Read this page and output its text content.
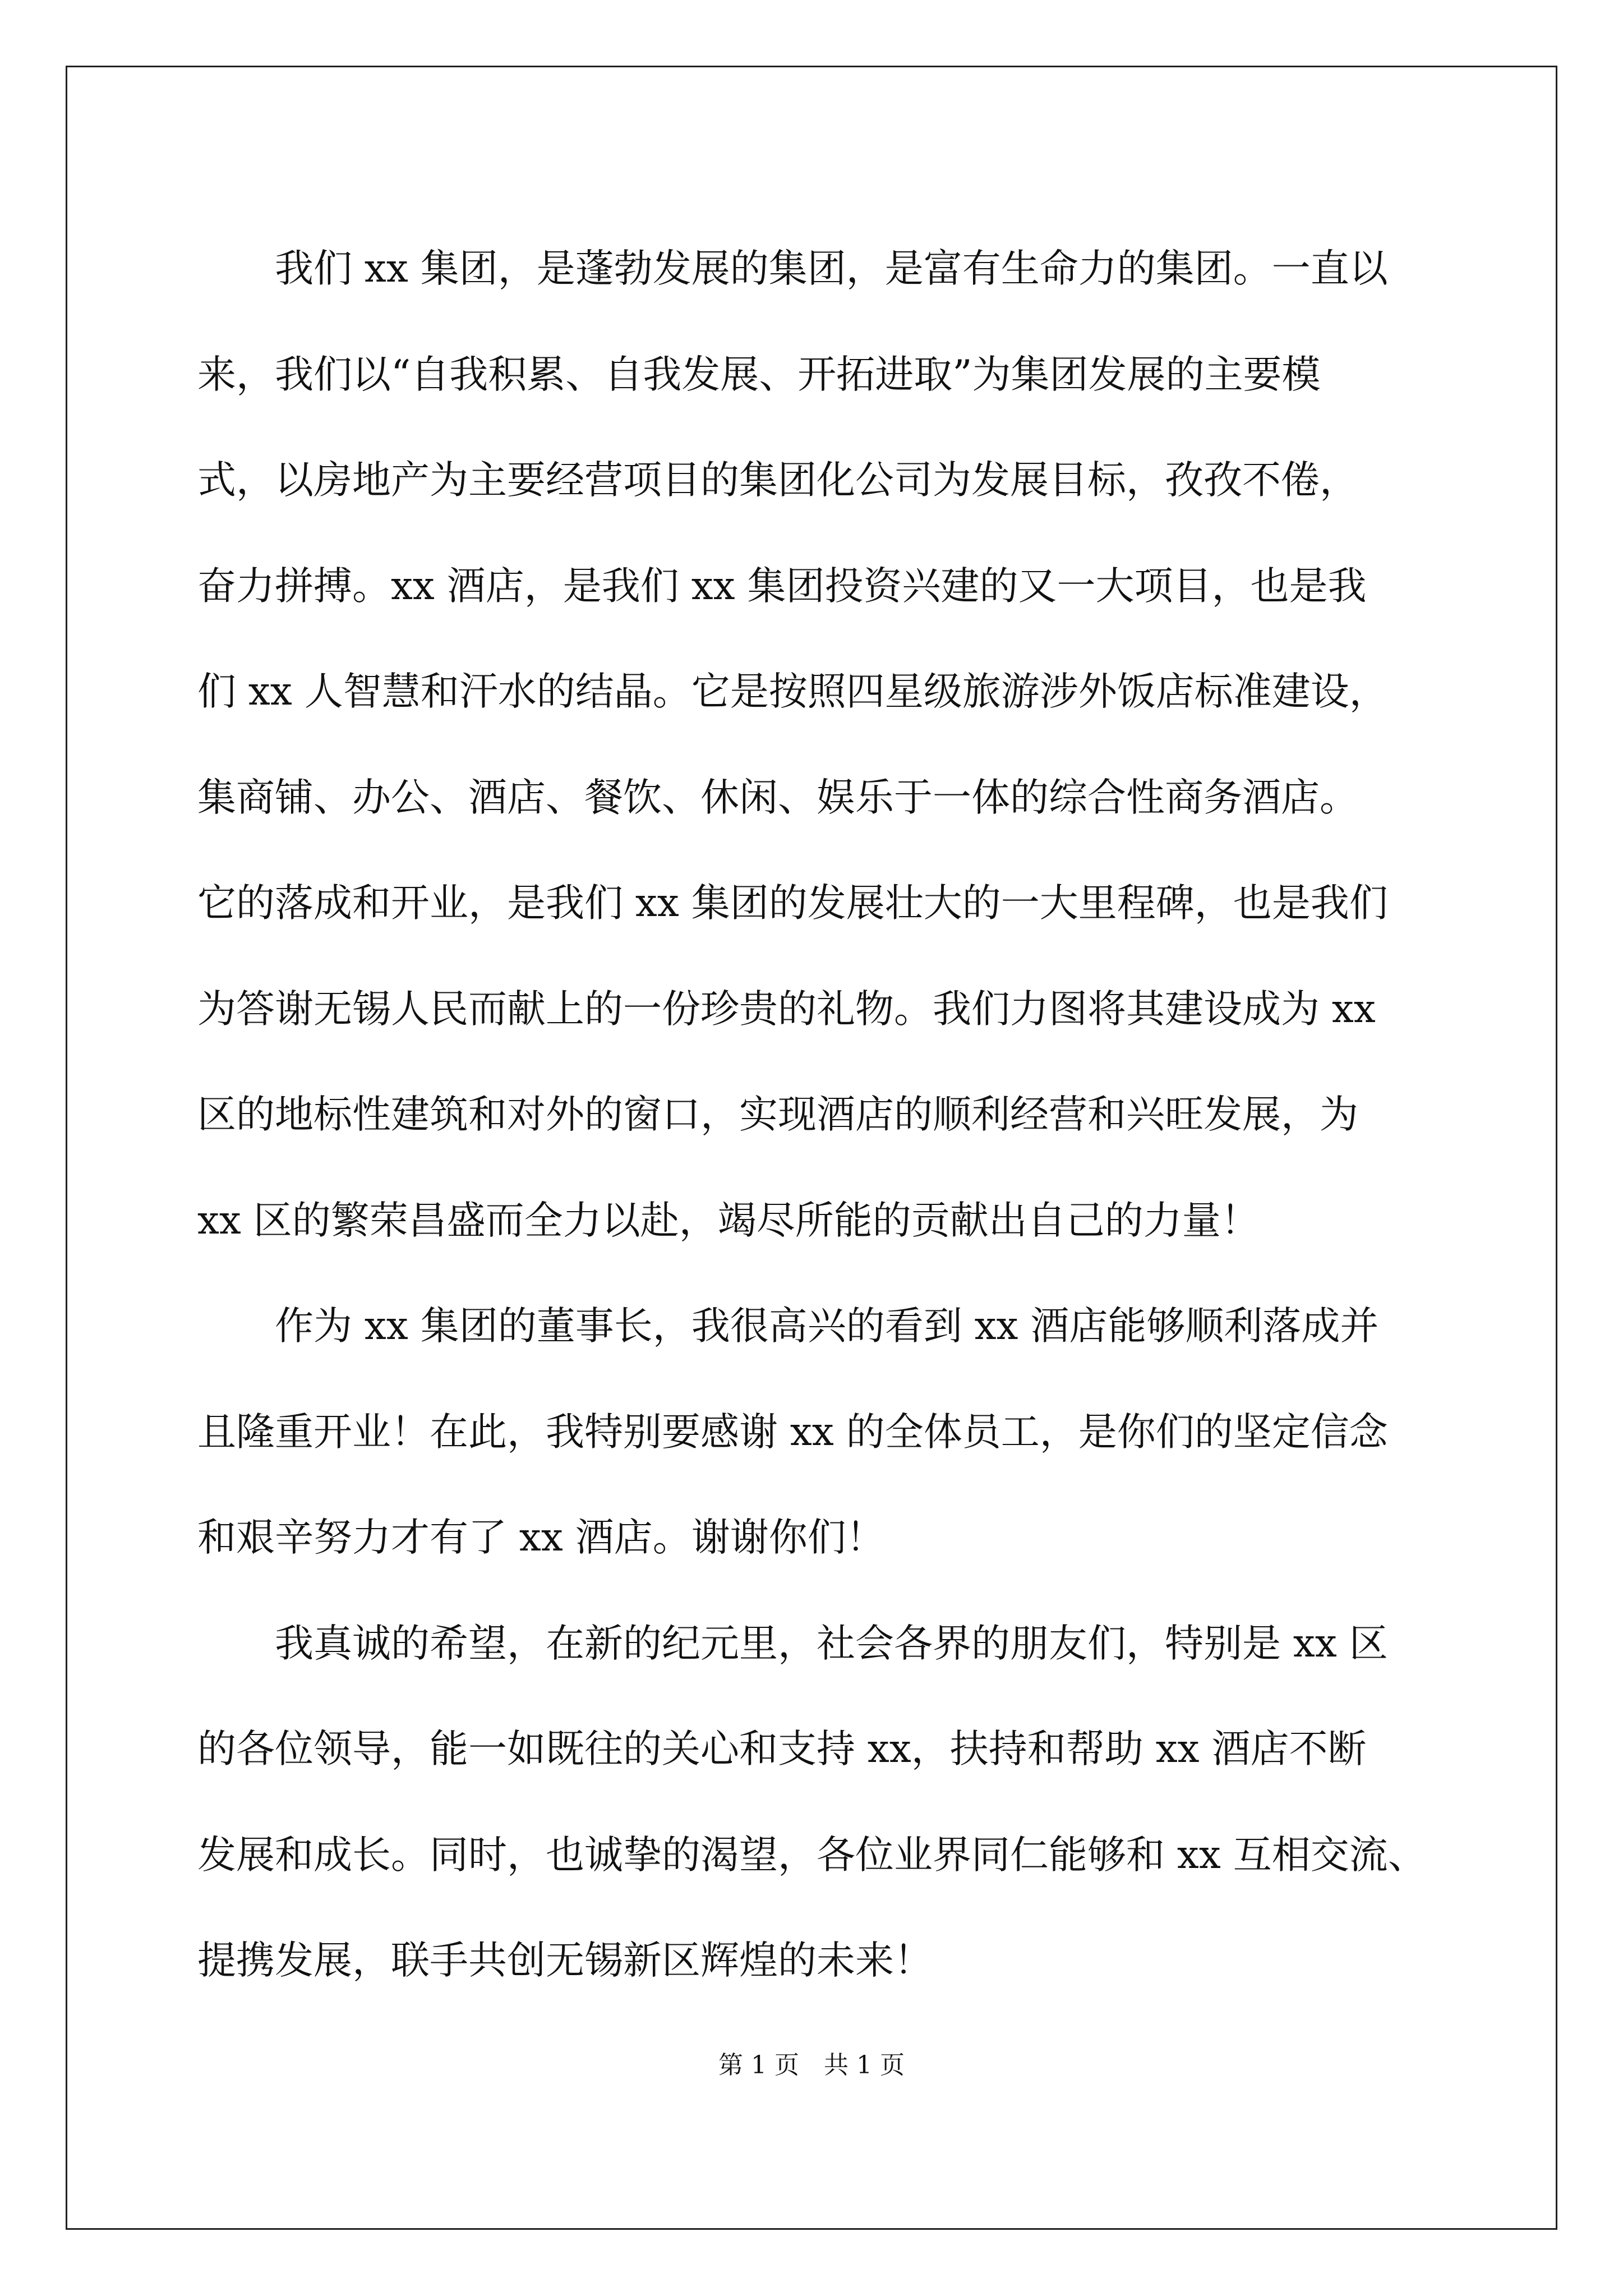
　　我们 xx 集团，是蓬勃发展的集团，是富有生命力的集团。一直以
来，我们以“自我积累、自我发展、开拓进取”为集团发展的主要模
式，以房地产为主要经营项目的集团化公司为发展目标，孜孜不倦，
奋力拼搏。xx 酒店，是我们 xx 集团投资兴建的又一大项目，也是我
们 xx 人智慧和汗水的结晶。它是按照四星级旅游涉外饭店标准建设，
集商铺、办公、酒店、餐饮、休闲、娱乐于一体的综合性商务酒店。
它的落成和开业，是我们 xx 集团的发展壮大的一大里程碑，也是我们
为答谢无锡人民而献上的一份珍贵的礼物。我们力图将其建设成为 xx
区的地标性建筑和对外的窗口，实现酒店的顺利经营和兴旺发展，为
xx 区的繁荣昌盛而全力以赴，竭尽所能的贡献出自己的力量！
　　作为 xx 集团的董事长，我很高兴的看到 xx 酒店能够顺利落成并
且隆重开业！在此，我特别要感谢 xx 的全体员工，是你们的坚定信念
和艰辛努力才有了 xx 酒店。谢谢你们！
　　我真诚的希望，在新的纪元里，社会各界的朋友们，特别是 xx 区
的各位领导，能一如既往的关心和支持 xx，扶持和帮助 xx 酒店不断
发展和成长。同时，也诚挚的渴望，各位业界同仁能够和 xx 互相交流、
提携发展，联手共创无锡新区辉煌的未来！
第 1 页　共 1 页
